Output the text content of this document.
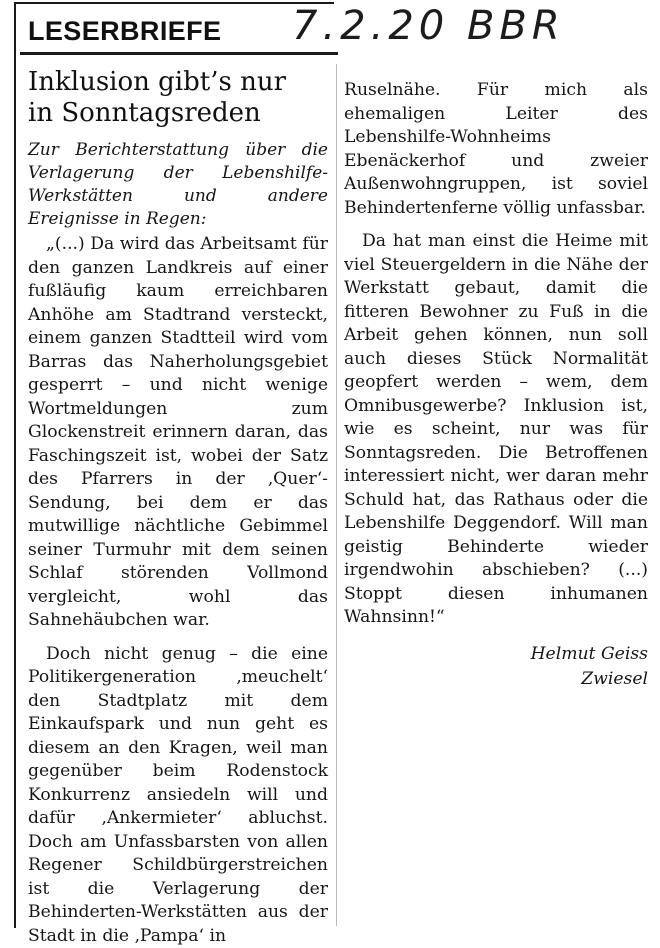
LESERBRIEFE 7.2.20 BBR
Inklusion gibt’s nur
in Sonntagsreden

Zur Berichterstattung über die Verlagerung der Lebenshilfe-Werkstätten und andere Ereignisse in Regen:

„(...) Da wird das Arbeitsamt für den ganzen Landkreis auf einer fußläufig kaum erreichbaren Anhöhe am Stadtrand versteckt, einem ganzen Stadtteil wird vom Barras das Naherholungsgebiet gesperrt – und nicht wenige Wortmeldungen zum Glockenstreit erinnern daran, das Faschingszeit ist, wobei der Satz des Pfarrers in der ‚Quer‘-Sendung, bei dem er das mutwillige nächtliche Gebimmel seiner Turmuhr mit dem seinen Schlaf störenden Vollmond vergleicht, wohl das Sahnehäubchen war.

Doch nicht genug – die eine Politikergeneration ‚meuchelt‘ den Stadtplatz mit dem Einkaufspark und nun geht es diesem an den Kragen, weil man gegenüber beim Rodenstock Konkurrenz ansiedeln will und dafür ‚Ankermieter‘ abluchst. Doch am Unfassbarsten von allen Regener Schildbürgerstreichen ist die Verlagerung der Behinderten-Werkstätten aus der Stadt in die ‚Pampa‘ in

Ruselnähe. Für mich als ehemaligen Leiter des Lebenshilfe-Wohnheims Ebenäckerhof und zweier Außenwohngruppen, ist soviel Behindertenferne völlig unfassbar.

Da hat man einst die Heime mit viel Steuergeldern in die Nähe der Werkstatt gebaut, damit die fitteren Bewohner zu Fuß in die Arbeit gehen können, nun soll auch dieses Stück Normalität geopfert werden – wem, dem Omnibusgewerbe? Inklusion ist, wie es scheint, nur was für Sonntagsreden. Die Betroffenen interessiert nicht, wer daran mehr Schuld hat, das Rathaus oder die Lebenshilfe Deggendorf. Will man geistig Behinderte wieder irgendwohin abschieben? (...) Stoppt diesen inhumanen Wahnsinn!“

Helmut Geiss
Zwiesel
